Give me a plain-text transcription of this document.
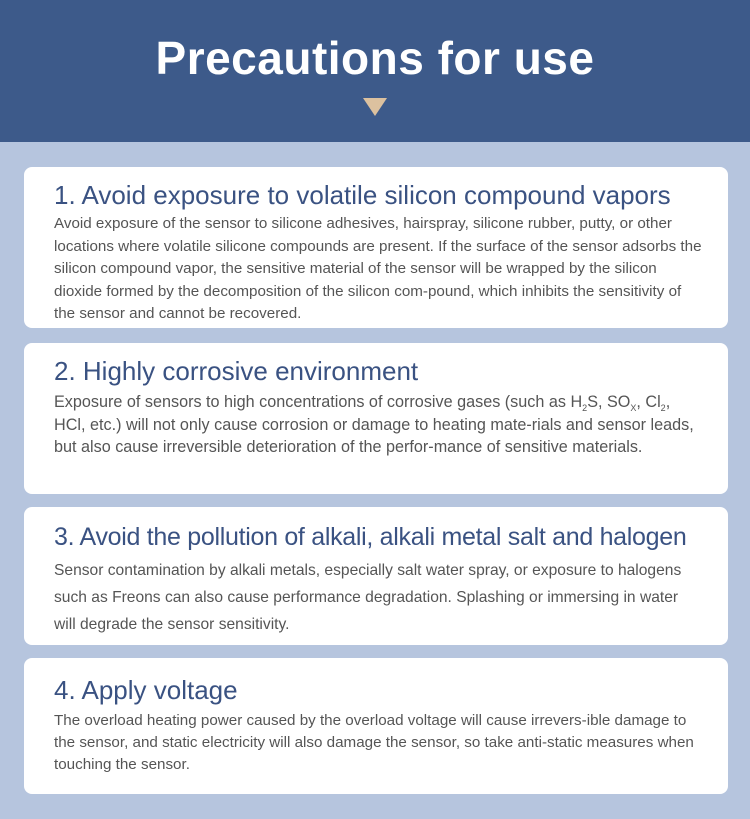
Precautions for use
1. Avoid exposure to volatile silicon compound vapors
Avoid exposure of the sensor to silicone adhesives, hairspray, silicone rubber, putty, or other locations where volatile silicone compounds are present. If the surface of the sensor adsorbs the silicon compound vapor, the sensitive material of the sensor will be wrapped by the silicon dioxide formed by the decomposition of the silicon com-pound, which inhibits the sensitivity of the sensor and cannot be recovered.
2. Highly corrosive environment
Exposure of sensors to high concentrations of corrosive gases (such as $H_2S$, $SO_X$, $Cl_2$, HCl, etc.) will not only cause corrosion or damage to heating mate-rials and sensor leads, but also cause irreversible deterioration of the perfor-mance of sensitive materials.
3. Avoid the pollution of alkali, alkali metal salt and halogen
Sensor contamination by alkali metals, especially salt water spray, or exposure to halogens such as Freons can also cause performance degradation. Splashing or immersing in water will degrade the sensor sensitivity.
4. Apply voltage
The overload heating power caused by the overload voltage will cause irrevers-ible damage to the sensor, and static electricity will also damage the sensor, so take anti-static measures when touching the sensor.
